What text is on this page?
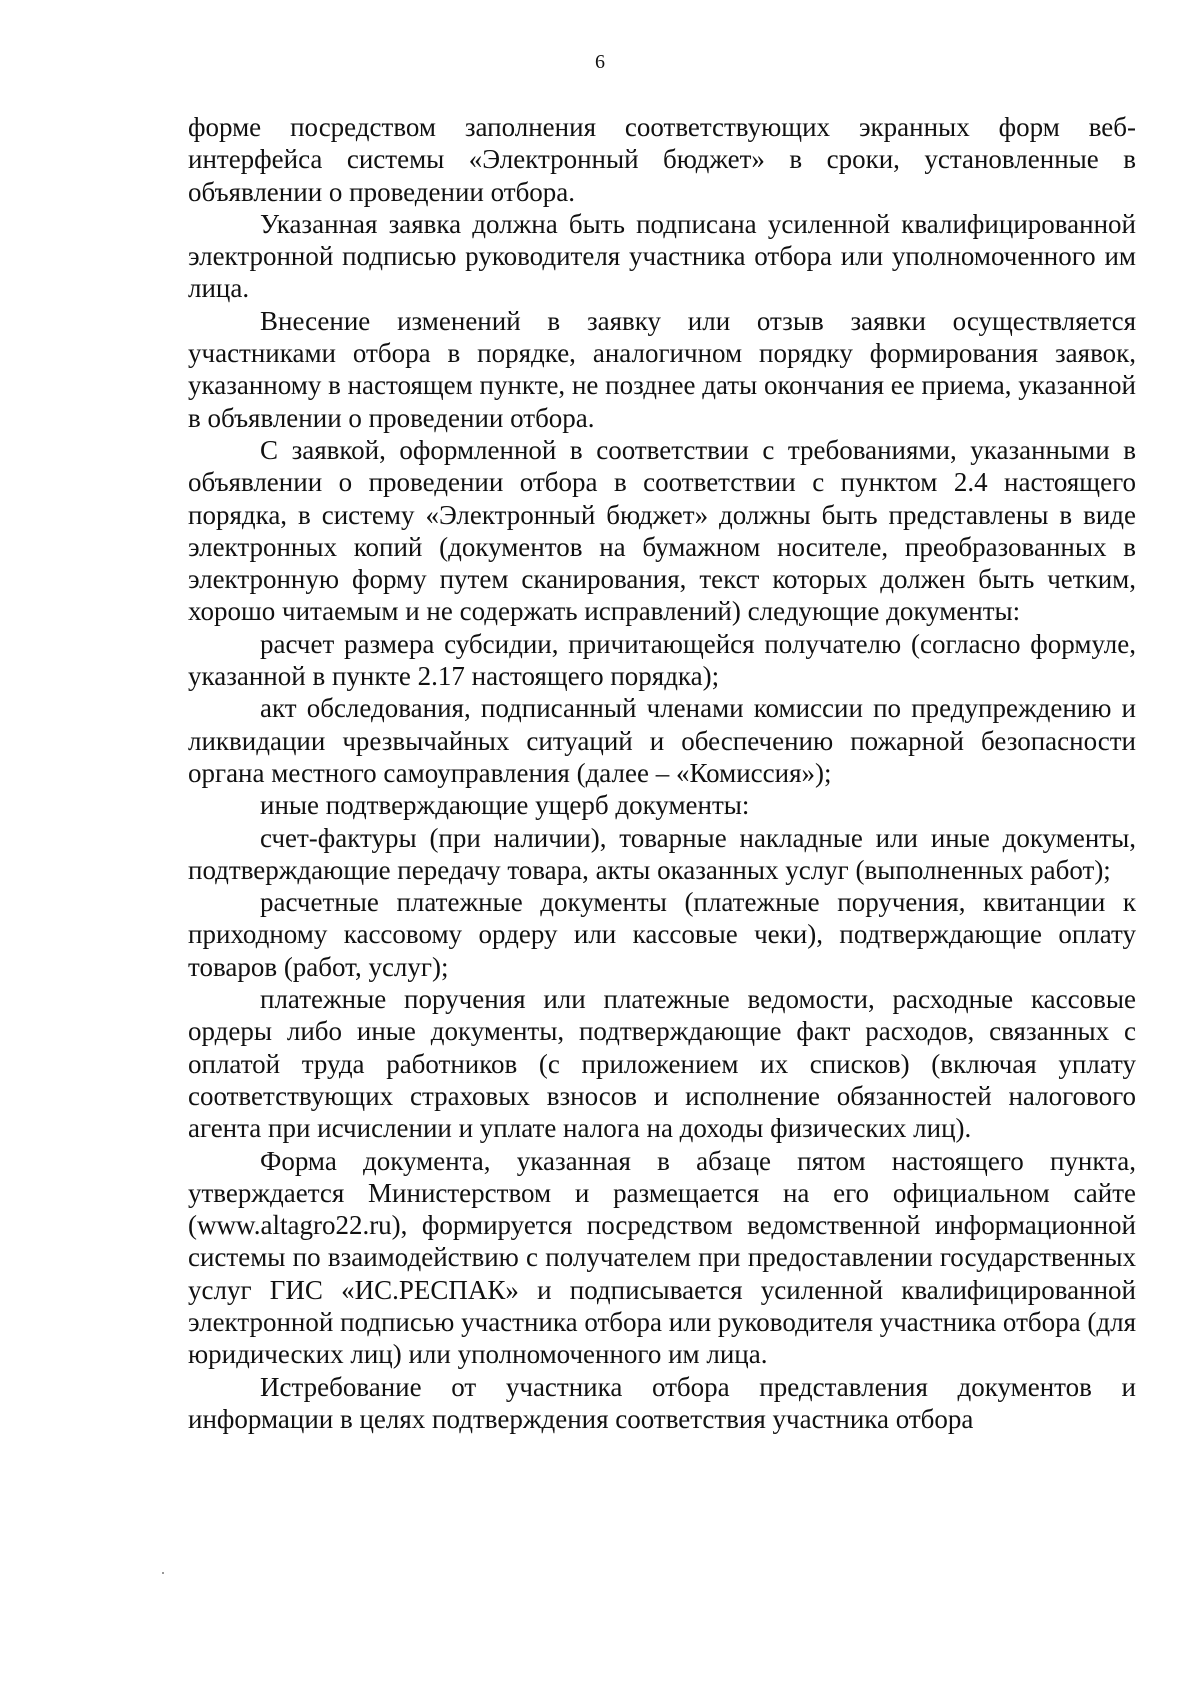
6

форме посредством заполнения соответствующих экранных форм веб-интерфейса системы «Электронный бюджет» в сроки, установленные в объявлении о проведении отбора.

Указанная заявка должна быть подписана усиленной квалифицированной электронной подписью руководителя участника отбора или уполномоченного им лица.

Внесение изменений в заявку или отзыв заявки осуществляется участниками отбора в порядке, аналогичном порядку формирования заявок, указанному в настоящем пункте, не позднее даты окончания ее приема, указанной в объявлении о проведении отбора.

С заявкой, оформленной в соответствии с требованиями, указанными в объявлении о проведении отбора в соответствии с пунктом 2.4 настоящего порядка, в систему «Электронный бюджет» должны быть представлены в виде электронных копий (документов на бумажном носителе, преобразованных в электронную форму путем сканирования, текст которых должен быть четким, хорошо читаемым и не содержать исправлений) следующие документы:

расчет размера субсидии, причитающейся получателю (согласно формуле, указанной в пункте 2.17 настоящего порядка);

акт обследования, подписанный членами комиссии по предупреждению и ликвидации чрезвычайных ситуаций и обеспечению пожарной безопасности органа местного самоуправления (далее – «Комиссия»);

иные подтверждающие ущерб документы:

счет-фактуры (при наличии), товарные накладные или иные документы, подтверждающие передачу товара, акты оказанных услуг (выполненных работ);

расчетные платежные документы (платежные поручения, квитанции к приходному кассовому ордеру или кассовые чеки), подтверждающие оплату товаров (работ, услуг);

платежные поручения или платежные ведомости, расходные кассовые ордеры либо иные документы, подтверждающие факт расходов, связанных с оплатой труда работников (с приложением их списков) (включая уплату соответствующих страховых взносов и исполнение обязанностей налогового агента при исчислении и уплате налога на доходы физических лиц).

Форма документа, указанная в абзаце пятом настоящего пункта, утверждается Министерством и размещается на его официальном сайте (www.altagro22.ru), формируется посредством ведомственной информационной системы по взаимодействию с получателем при предоставлении государственных услуг ГИС «ИС.РЕСПАК» и подписывается усиленной квалифицированной электронной подписью участника отбора или руководителя участника отбора (для юридических лиц) или уполномоченного им лица.

Истребование от участника отбора представления документов и информации в целях подтверждения соответствия участника отбора
